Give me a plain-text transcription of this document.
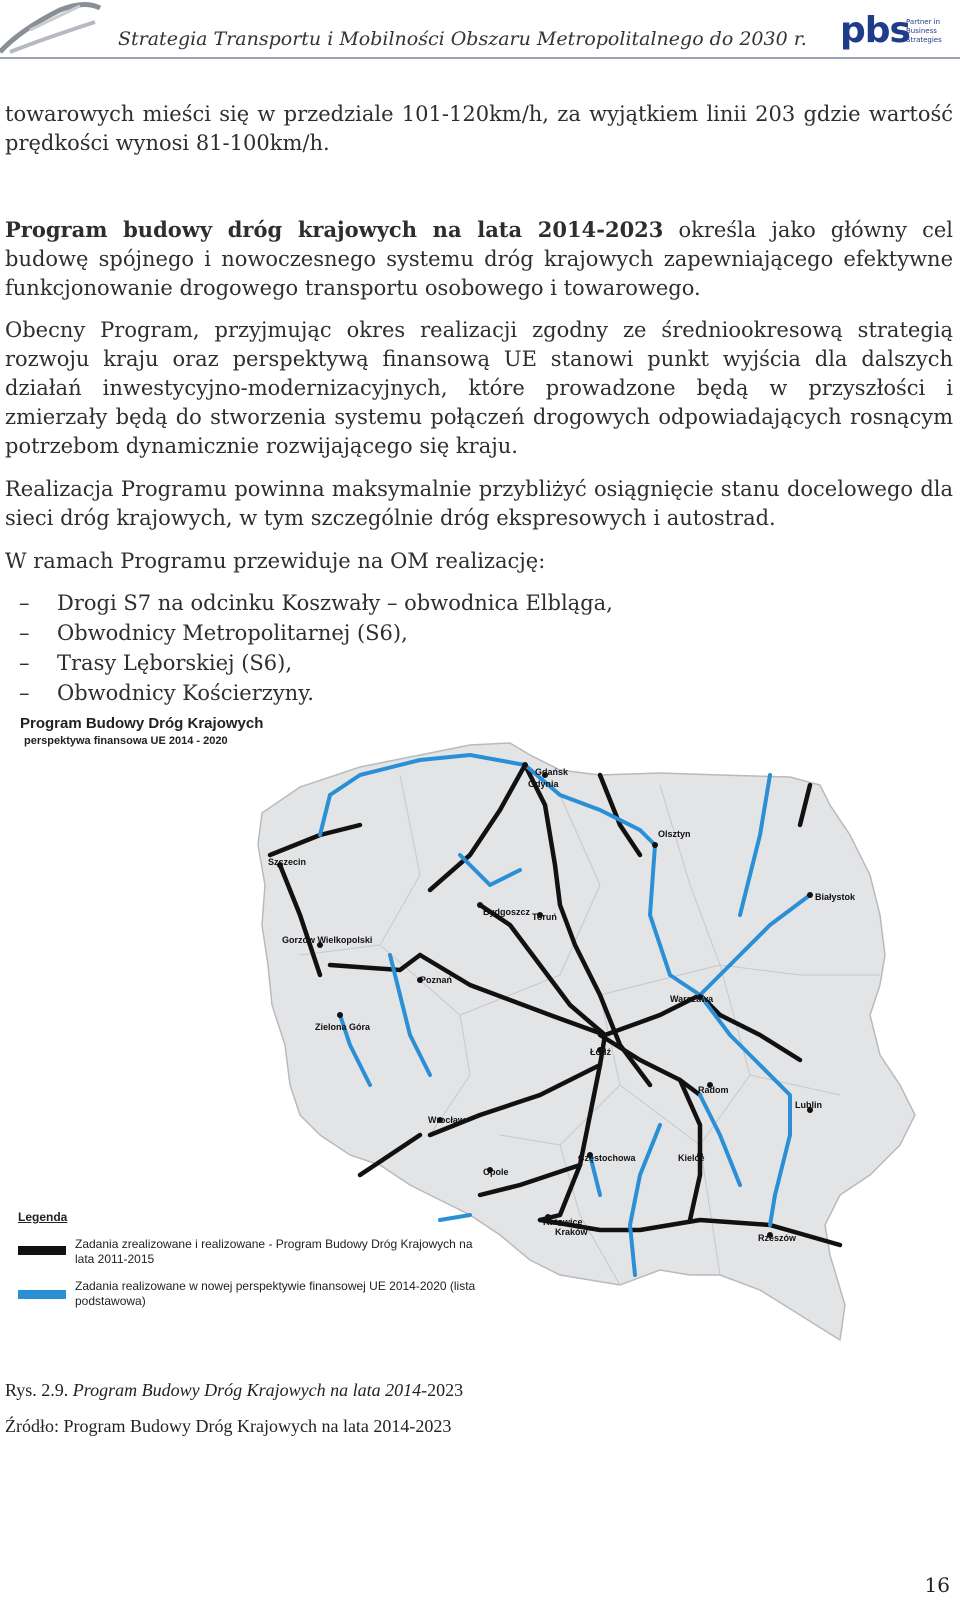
Strategia Transportu i Mobilności Obszaru Metropolitalnego do 2030 r. pbs
Partner in
Business
Strategies
towarowych mieści się w przedziale 101-120km/h, za wyjątkiem linii 203 gdzie wartość prędkości wynosi 81-100km/h.
Program budowy dróg krajowych na lata 2014-2023 określa jako główny cel budowę spójnego i nowoczesnego systemu dróg krajowych zapewniającego efektywne funkcjonowanie drogowego transportu osobowego i towarowego.
Obecny Program, przyjmując okres realizacji zgodny ze średniookresową strategią rozwoju kraju oraz perspektywą finansową UE stanowi punkt wyjścia dla dalszych działań inwestycyjno-modernizacyjnych, które prowadzone będą w przyszłości i zmierzały będą do stworzenia systemu połączeń drogowych odpowiadających rosnącym potrzebom dynamicznie rozwijającego się kraju.
Realizacja Programu powinna maksymalnie przybliżyć osiągnięcie stanu docelowego dla sieci dróg krajowych, w tym szczególnie dróg ekspresowych i autostrad.
W ramach Programu przewiduje na OM realizację:
– Drogi S7 na odcinku Koszwały – obwodnica Elbląga,
– Obwodnicy Metropolitarnej (S6),
– Trasy Lęborskiej (S6),
– Obwodnicy Kościerzyny.
Gdynia
Gdańsk
Olsztyn
Szczecin
Białystok
Bydgoszcz Toruń
Gorzów Wielkopolski
Poznań
Warszawa
Zielona Góra
Łódź
Radom
Lublin
Wrocław
Częstochowa	Kielce
Opole
Katowice
Kraków
Rzeszów
Program Budowy Dróg Krajowych
perspektywa finansowa UE 2014 - 2020
Legenda
Zadania zrealizowane i realizowane - Program Budowy Dróg Krajowych na lata 2011-2015
Zadania realizowane w nowej perspektywie finansowej UE 2014-2020 (lista podstawowa)
Rys. 2.9. Program Budowy Dróg Krajowych na lata 2014-2023
Źródło: Program Budowy Dróg Krajowych na lata 2014-2023
16
